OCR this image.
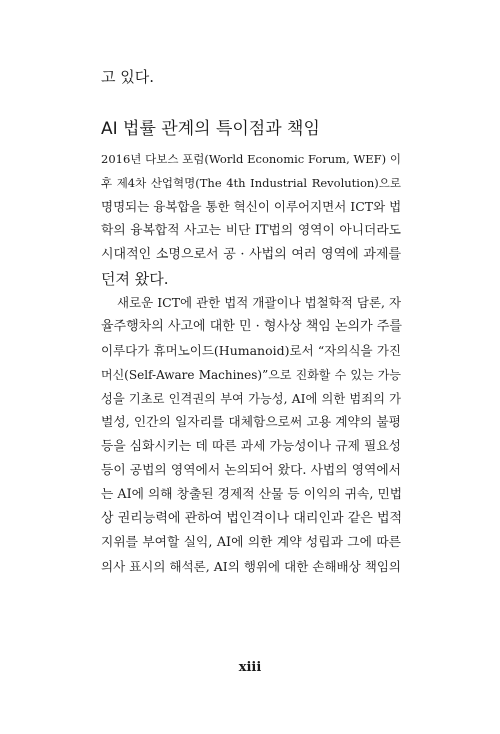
고 있다.
AI 법률 관계의 특이점과 책임
2016년 다보스 포럼(World Economic Forum, WEF) 이
후 제4차 산업혁명(The 4th Industrial Revolution)으로
명명되는 융복합을 통한 혁신이 이루어지면서 ICT와 법
학의 융복합적 사고는 비단 IT법의 영역이 아니더라도
시대적인 소명으로서 공 · 사법의 여러 영역에 과제를
던져 왔다.
새로운 ICT에 관한 법적 개괄이나 법철학적 담론, 자
율주행차의 사고에 대한 민 · 형사상 책임 논의가 주를
이루다가 휴머노이드(Humanoid)로서 “자의식을 가진
머신(Self-Aware Machines)”으로 진화할 수 있는 가능
성을 기초로 인격권의 부여 가능성, AI에 의한 범죄의 가
벌성, 인간의 일자리를 대체함으로써 고용 계약의 불평
등을 심화시키는 데 따른 과세 가능성이나 규제 필요성
등이 공법의 영역에서 논의되어 왔다. 사법의 영역에서
는 AI에 의해 창출된 경제적 산물 등 이익의 귀속, 민법
상 권리능력에 관하여 법인격이나 대리인과 같은 법적
지위를 부여할 실익, AI에 의한 계약 성립과 그에 따른
의사 표시의 해석론, AI의 행위에 대한 손해배상 책임의
xiii
